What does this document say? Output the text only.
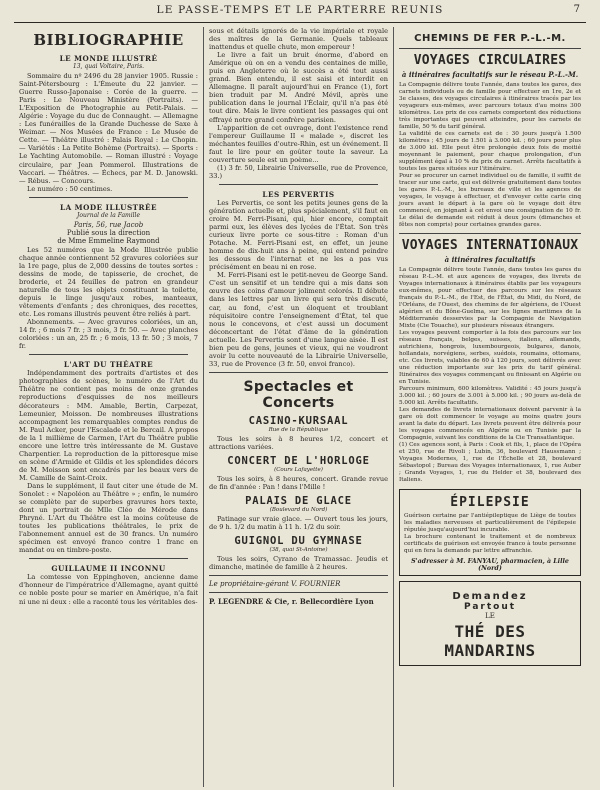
LE PASSE-TEMPS ET LE PARTERRE REUNIS	7
BIBLIOGRAPHIE
LE MONDE ILLUSTRÉ
13, quai Voltaire, Paris.

Sommaire du nº 2496 du 28 janvier 1905. Russie : Saint-Pétersbourg : L'Émeute du 22 janvier. — Guerre Russo-Japonaise : Corée de la guerre. — Paris : Le Nouveau Ministère (Portraits). — L'Exposition de Photographie au Petit-Palais. — Algérie : Voyage du duc de Connaught. — Allemagne : Les funérailles de la Grande Duchesse de Saxe à Weimar. — Nos Musées de France : Le Musée de Cette. — Théâtre illustré : Palais Royal : Le Chopin. — Variétés : La Petite Bohème (Portraits). — Sports : Le Yachting Automobile. — Roman illustré : Voyage circulaire, par Jean Pommerol. Illustrations de Vaccari. — Théâtres. — Échecs, par M. D. Janowski. — Rébus. — Concours.

Le numéro : 50 centimes.

LA MODE ILLUSTRÉE
Journal de la Famille

Paris, 56, rue Jacob

Publié sous la direction

de Mme Emmeline Raymond

Les 52 numéros que la Mode Illustrée publie chaque année contiennent 52 gravures coloriées sur la 1re page, plus de 2,000 dessins de toutes sortes : dessins de mode, de tapisserie, de crochet, de broderie, et 24 feuilles de patron en grandeur naturelle de tous les objets constituant la toilette, depuis le linge jusqu'aux robes, manteaux, vêtements d'enfants ; des chroniques, des recettes, etc. Les romans illustrés peuvent être reliés à part.

Abonnements. — Avec gravures coloriées, un an, 14 fr. ; 6 mois 7 fr. ; 3 mois, 3 fr. 50. — Avec planches coloriées : un an, 25 fr. ; 6 mois, 13 fr. 50 ; 3 mois, 7 fr.

L'ART DU THÉATRE

Indépendamment des portraits d'artistes et des photographies de scènes, le numéro de l'Art du Théâtre ne contient pas moins de onze grandes reproductions d'esquisses de nos meilleurs décorateurs : MM. Amable, Bertin, Carpezat, Lemeunier, Moisson. De nombreuses illustrations accompagnent les remarquables comptes rendus de M. Paul Acker, pour l'Escalade et le Bercail. A propos de la 1 millième de Carmen, l'Art du Théâtre publie encore une lettre très intéressante de M. Gustave Charpentier. La reproduction de la pittoresque mise en scène d'Armide et Gildis et les splendides décors de M. Moisson sont encadrés par les beaux vers de M. Camille de Saint-Croix.

Dans le supplément, il faut citer une étude de M. Sonolet : « Napoléon au Théâtre » ; enfin, le numéro se complète par de superbes gravures hors texte, dont un portrait de Mlle Cléo de Mérode dans Phryné. L'Art du Théâtre est la moins coûteuse de toutes les publications théâtrales, le prix de l'abonnement annuel est de 30 francs. Un numéro spécimen est envoyé franco contre 1 franc en mandat ou en timbre-poste.

GUILLAUME II INCONNU

La comtesse von Eppinghoven, ancienne dame d'honneur de l'impératrice d'Allemagne, ayant quitté ce noble poste pour se marier en Amérique, n'a fait ni une ni deux : elle a raconté tous les véritables des-

sous et détails ignorés de la vie impériale et royale des maîtres de la Germanie. Quels tableaux inattendus et quelle chute, mon empereur !

Le livre a fait un bruit énorme, d'abord en Amérique où on en a vendu des centaines de mille, puis en Angleterre où le succès a été tout aussi grand. Bien entendu, il est saisi et interdit en Allemagne. Il paraît aujourd'hui en France (1), fort bien traduit par M. André Mévil, après une publication dans le journal l'Éclair, qu'il n'a pas été tout dire. Mais le livre contient les passages qui ont effrayé notre grand confrère parisien.

L'apparition de cet ouvrage, dont l'existence rend l'empereur Guillaume II « malade », discret les méchantes feuilles d'outre-Rhin, est un événement. Il faut le lire pour en goûter toute la saveur. La couverture seule est un poème...

(1) 3 fr. 50, Librairie Universelle, rue de Provence, 33.)

LES PERVERTIS

Les Pervertis, ce sont les petits jeunes gens de la génération actuelle et, plus spécialement, s'il faut en croire M. Ferri-Pisani, qui, hier encore, comptait parmi eux, les élèves des lycées de l'État. Son très curieux livre porte ce sous-titre : Roman d'un Potache. M. Ferri-Pisani est, en effet, un jeune homme de dix-huit ans à peine, qui entend peindre les dessous de l'internat et ne les a pas vus précisément en beau ni en rose.

M. Ferri-Pisani est le petit-neveu de George Sand. C'est un sensitif et un tendre qui a mis dans son œuvre des coins d'amour joliment colorés. Il débute dans les lettres par un livre qui sera très discuté, car, au fond, c'est un éloquent et troublant réquisitoire contre l'enseignement d'État, tel que nous le concevons, et c'est aussi un document déconcertant de l'état d'âme de la génération actuelle. Les Pervertis sont d'une langue aisée. Il est bien peu de gens, jeunes et vieux, qui ne voudront avoir lu cette nouveauté de la Librairie Universelle, 33, rue de Provence (3 fr. 50, envoi franco).

Spectacles et Concerts
CASINO-KURSAAL
Rue de la République

Tous les soirs à 8 heures 1/2, concert et attractions variées.

CONCERT DE L'HORLOGE
(Cours Lafayette)

Tous les soirs, à 8 heures, concert. Grande revue de fin d'année : Pan ! dans l'Mille !

PALAIS DE GLACE
(Boulevard du Nord)

Patinage sur vraie glace. — Ouvert tous les jours, de 9 h. 1/2 du matin à 11 h. 1/2 du soir.

GUIGNOL DU GYMNASE
(38, quai St-Antoine)

Tous les soirs, Cyrano de Tramassac. Jeudis et dimanche, matinée de famille à 2 heures.

Le propriétaire-gérant V. FOURNIER

P. LEGENDRE & Cie, r. Bellecordière Lyon

CHEMINS DE FER P.-L.-M.
VOYAGES CIRCULAIRES
à itinéraires facultatifs sur le réseau P.-L.-M.

La Compagnie délivre toute l'année, dans toutes les gares, des carnets individuels ou de famille pour effectuer en 1re, 2e et 3e classes, des voyages circulaires à itinéraires tracés par les voyageurs eux-mêmes, avec parcours totaux d'au moins 300 kilomètres. Les prix de ces carnets comportent des réductions très importantes qui peuvent atteindre, pour les carnets de famille, 50 % du tarif général.

La validité de ces carnets est de : 30 jours jusqu'à 1.500 kilomètres ; 45 jours de 1.501 à 3.000 kil. ; 60 jours pour plus de 3.000 kil. Elle peut être prolongée deux fois de moitié moyennant le paiement, pour chaque prolongation, d'un supplément égal à 10 % du prix du carnet. Arrêts facultatifs à toutes les gares situées sur l'itinéraire.

Pour se procurer un carnet individuel ou de famille, il suffit de tracer sur une carte, qui est délivrée gratuitement dans toutes les gares P.-L.-M., les bureaux de ville et les agences de voyages, le voyage à effectuer, et d'envoyer cette carte cinq jours avant le départ à la gare où le voyage doit être commencé, en joignant à cet envoi une consignation de 10 fr. Le délai de demande est réduit à deux jours (dimanches et fêtes non compris) pour certaines grandes gares.

VOYAGES INTERNATIONAUX
à itinéraires facultatifs

La Compagnie délivre toute l'année, dans toutes les gares du réseau P.-L.-M. et aux agences de voyages, des livrets de Voyages internationaux à itinéraires établis par les voyageurs eux-mêmes, pour effectuer des parcours sur les réseaux français du P.-L.-M., de l'Est, de l'État, du Midi, du Nord, de l'Orléans, de l'Ouest, des chemins de fer algériens, de l'Ouest algérien et du Bône-Guelma, sur les lignes maritimes de la Méditerranée desservies par la Compagnie de Navigation Mixte (Cie Touache), sur plusieurs réseaux étrangers.

Les voyages peuvent comporter à la fois des parcours sur les réseaux français, belges, suisses, italiens, allemands, autrichiens, hongrois, luxembourgeois, bulgares, danois, hollandais, norvégiens, serbes, suédois, roumains, ottomans, etc. Ces livrets, valables de 60 à 120 jours, sont délivrés avec une réduction importante sur les prix du tarif général. Itinéraires des voyages commençant ou finissant en Algérie ou en Tunisie.

Parcours minimum, 600 kilomètres. Validité : 45 jours jusqu'à 3.000 kil. ; 60 jours de 3.001 à 5.000 kil. ; 90 jours au-delà de 5.000 kil. Arrêts facultatifs.

Les demandes de livrets internationaux doivent parvenir à la gare où doit commencer le voyage au moins quatre jours avant la date du départ. Les livrets peuvent être délivrés pour les voyages commencés en Algérie ou en Tunisie par la Compagnie, suivant les conditions de la Cie Transatlantique.

(1) Ces agences sont, à Paris : Cook et fils, 1, place de l'Opéra et 250, rue de Rivoli ; Lubin, 36, boulevard Haussmann ; Voyages Modernes, 1, rue de l'Échelle et 28, boulevard Sébastopol ; Bureau des Voyages internationaux, 1, rue Auber ; Grands Voyages, 1, rue du Helder et 38, boulevard des Italiens.

ÉPILEPSIE

Guérison certaine par l'antiépileptique de Liège de toutes les maladies nerveuses et particulièrement de l'épilepsie réputée jusqu'aujourd'hui incurable.

La brochure contenant le traitement et de nombreux certificats de guérison est envoyée franco à toute personne qui en fera la demande par lettre affranchie.

S'adresser à M. FANYAU, pharmacien, à Lille (Nord)
Demandez
Partout
LE
THÉ DES MANDARINS
